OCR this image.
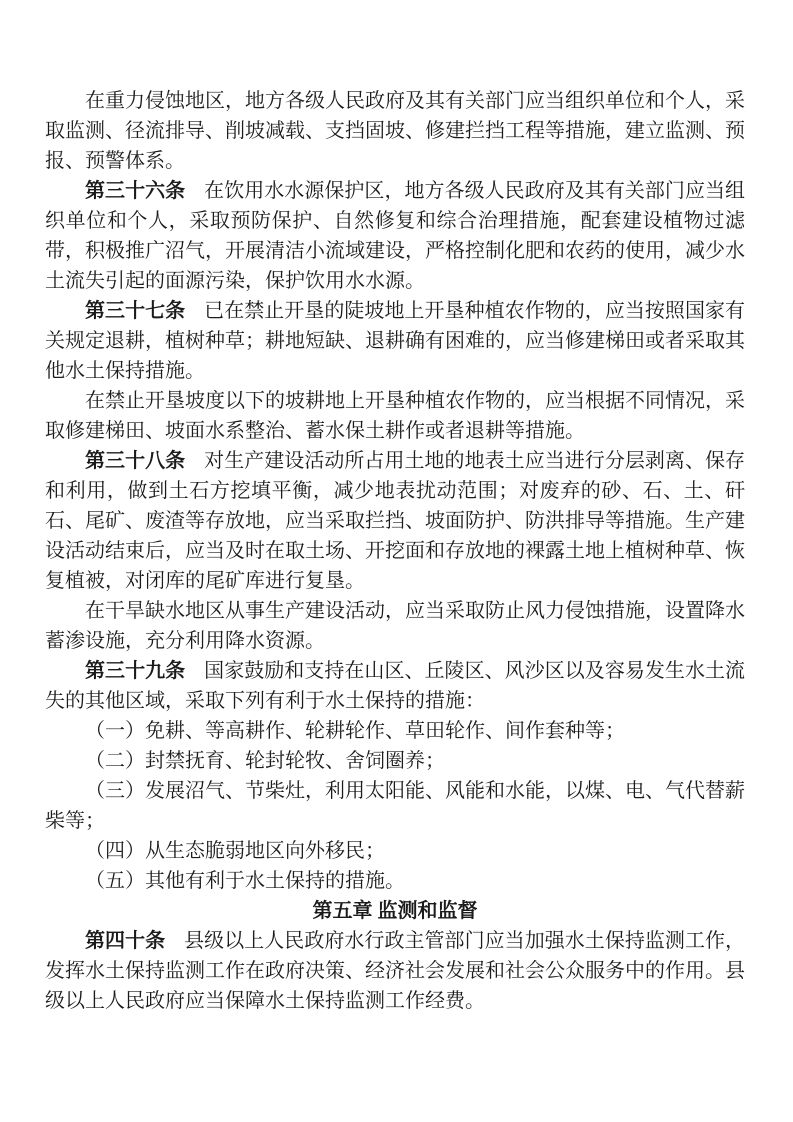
在重力侵蚀地区，地方各级人民政府及其有关部门应当组织单位和个人，采取监测、径流排导、削坡减载、支挡固坡、修建拦挡工程等措施，建立监测、预报、预警体系。

第三十六条 在饮用水水源保护区，地方各级人民政府及其有关部门应当组织单位和个人，采取预防保护、自然修复和综合治理措施，配套建设植物过滤带，积极推广沼气，开展清洁小流域建设，严格控制化肥和农药的使用，减少水土流失引起的面源污染，保护饮用水水源。

第三十七条 已在禁止开垦的陡坡地上开垦种植农作物的，应当按照国家有关规定退耕，植树种草；耕地短缺、退耕确有困难的，应当修建梯田或者采取其他水土保持措施。

在禁止开垦坡度以下的坡耕地上开垦种植农作物的，应当根据不同情况，采取修建梯田、坡面水系整治、蓄水保土耕作或者退耕等措施。

第三十八条 对生产建设活动所占用土地的地表土应当进行分层剥离、保存和利用，做到土石方挖填平衡，减少地表扰动范围；对废弃的砂、石、土、矸石、尾矿、废渣等存放地，应当采取拦挡、坡面防护、防洪排导等措施。生产建设活动结束后，应当及时在取土场、开挖面和存放地的裸露土地上植树种草、恢复植被，对闭库的尾矿库进行复垦。

在干旱缺水地区从事生产建设活动，应当采取防止风力侵蚀措施，设置降水蓄渗设施，充分利用降水资源。

第三十九条 国家鼓励和支持在山区、丘陵区、风沙区以及容易发生水土流失的其他区域，采取下列有利于水土保持的措施：

（一）免耕、等高耕作、轮耕轮作、草田轮作、间作套种等；

（二）封禁抚育、轮封轮牧、舍饲圈养；

（三）发展沼气、节柴灶，利用太阳能、风能和水能，以煤、电、气代替薪柴等；

（四）从生态脆弱地区向外移民；

（五）其他有利于水土保持的措施。

第五章 监测和监督

第四十条 县级以上人民政府水行政主管部门应当加强水土保持监测工作，发挥水土保持监测工作在政府决策、经济社会发展和社会公众服务中的作用。县级以上人民政府应当保障水土保持监测工作经费。
